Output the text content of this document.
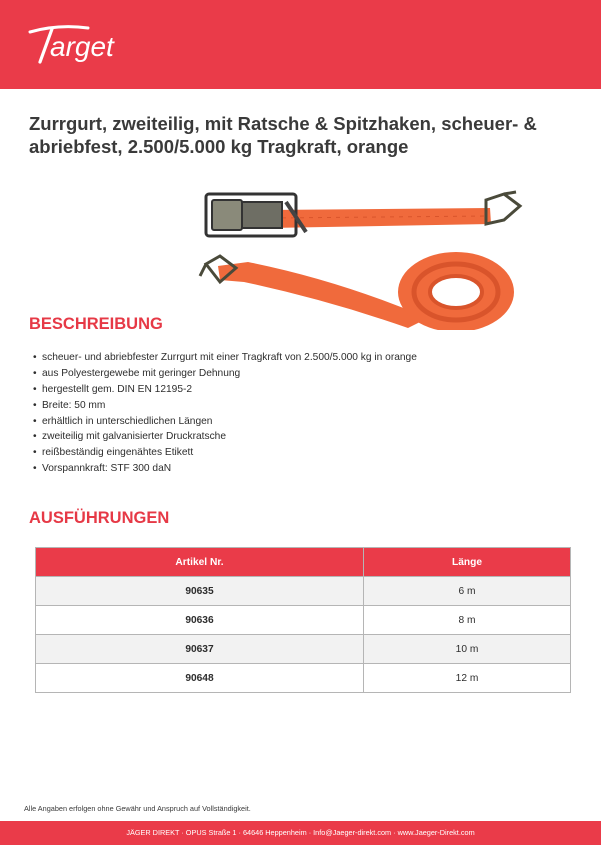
arget
Zurrgurt, zweiteilig, mit Ratsche & Spitzhaken, scheuer- & abriebfest, 2.500/5.000 kg Tragkraft, orange
BESCHREIBUNG
• scheuer- und abriebfester Zurrgurt mit einer Tragkraft von 2.500/5.000 kg in orange
• aus Polyestergewebe mit geringer Dehnung
• hergestellt gem. DIN EN 12195-2
• Breite: 50 mm
• erhältlich in unterschiedlichen Längen
• zweiteilig mit galvanisierter Druckratsche
• reißbeständig eingenähtes Etikett
• Vorspannkraft: STF 300 daN
AUSFÜHRUNGEN
Artikel Nr.	Länge
90635	6 m
90636	8 m
90637	10 m
90648	12 m
Alle Angaben erfolgen ohne Gewähr und Anspruch auf Vollständigkeit.
JÄGER DIREKT · OPUS Straße 1 · 64646 Heppenheim · Info@Jaeger-direkt.com · www.Jaeger-Direkt.com
